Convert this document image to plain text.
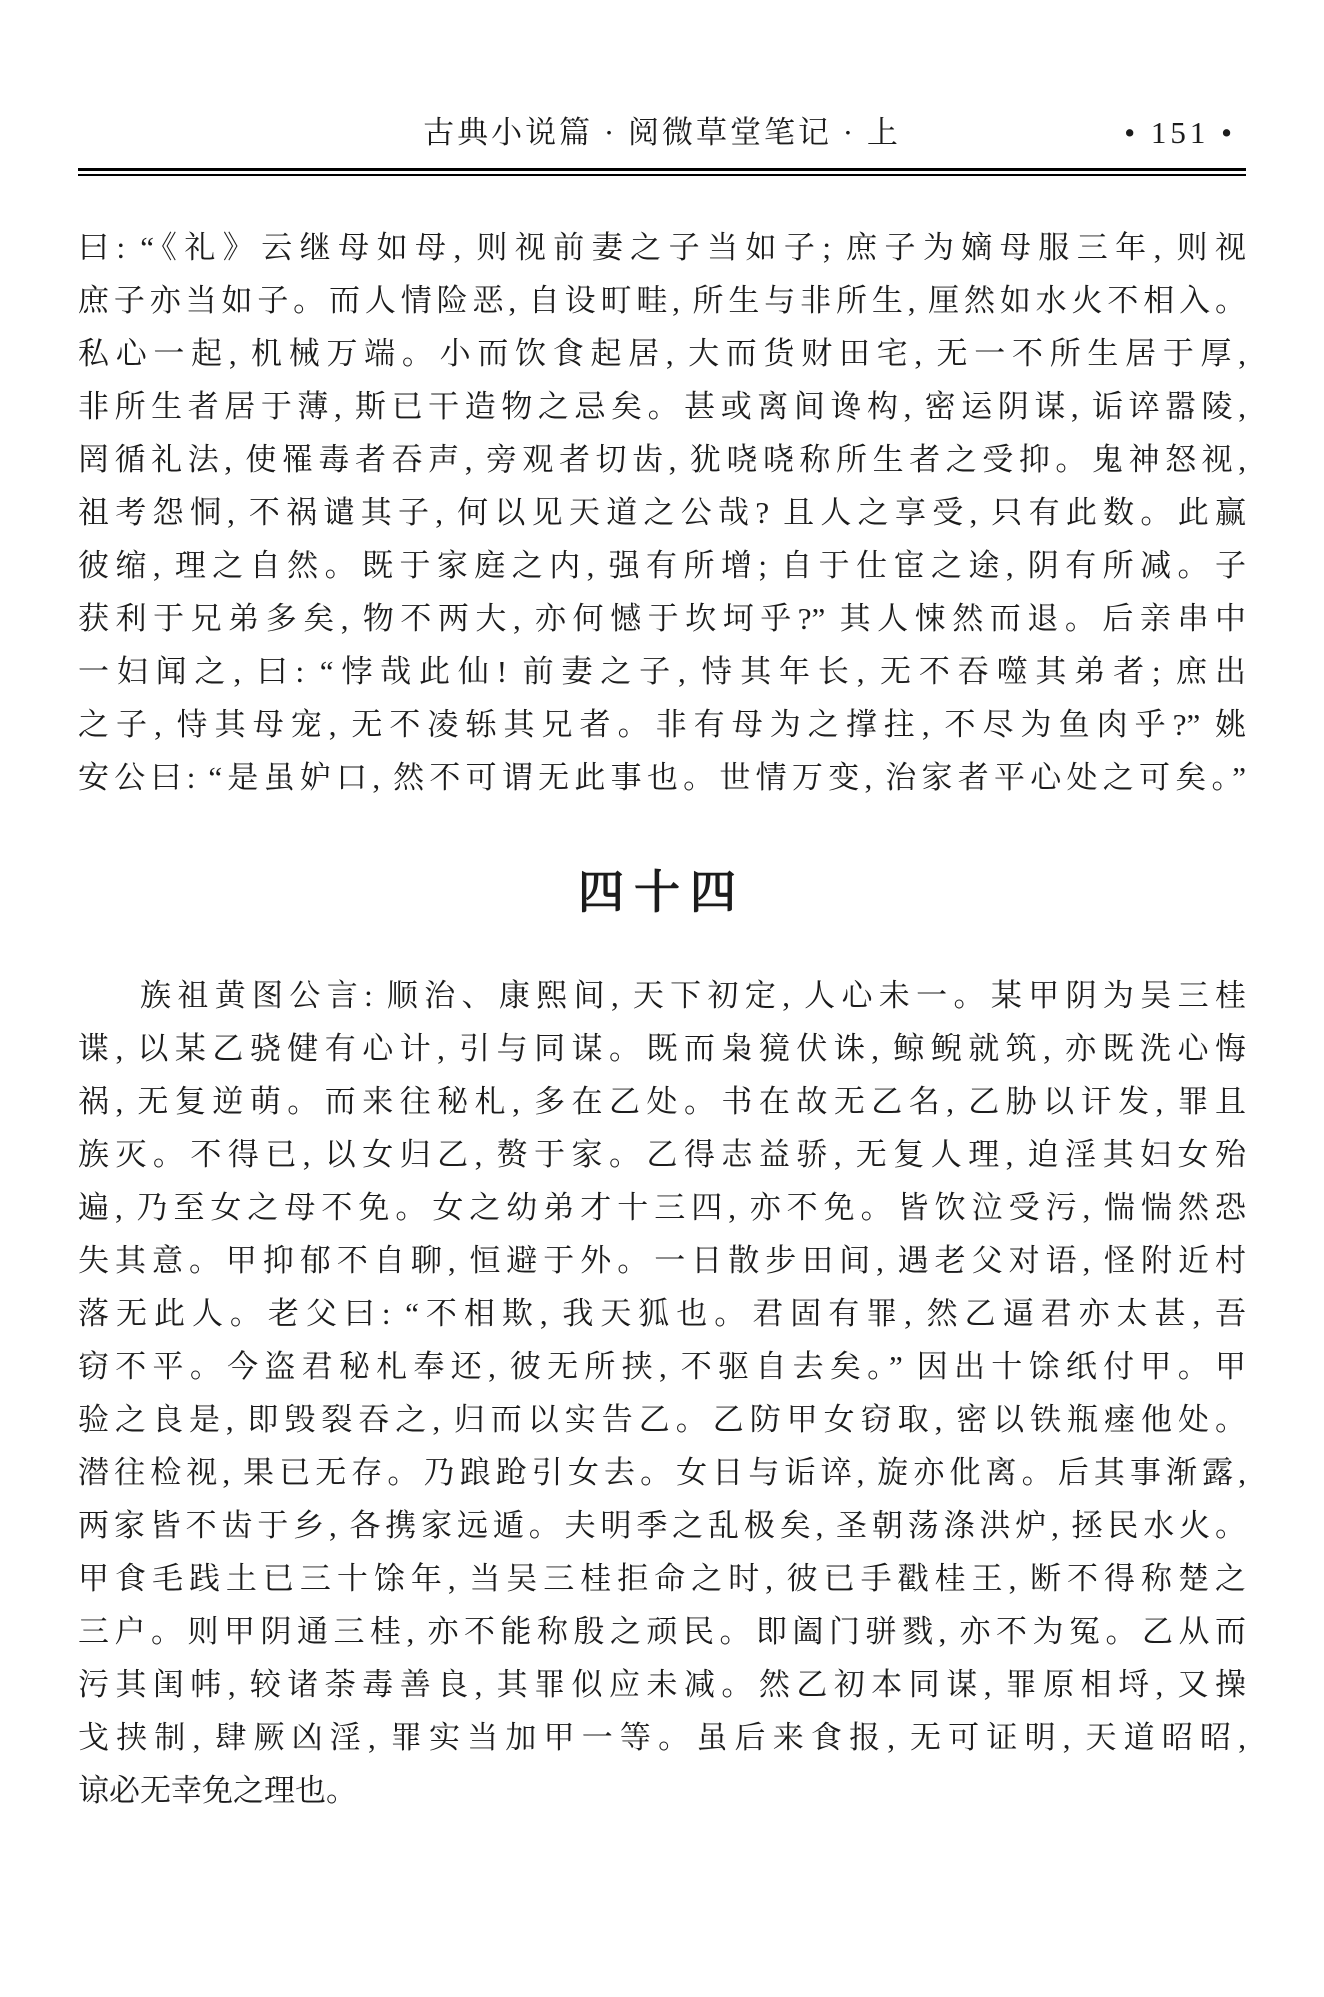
古典小说篇 · 阅微草堂笔记 · 上	• 151 •
曰: “《礼》云继母如母, 则视前妻之子当如子; 庶子为嫡母服三年, 则视
庶子亦当如子。而人情险恶, 自设町畦, 所生与非所生, 厘然如水火不相入。
私心一起, 机械万端。小而饮食起居, 大而货财田宅, 无一不所生居于厚,
非所生者居于薄, 斯已干造物之忌矣。甚或离间谗构, 密运阴谋, 诟谇嚣陵,
罔循礼法, 使罹毒者吞声, 旁观者切齿, 犹哓哓称所生者之受抑。鬼神怒视,
祖考怨恫, 不祸谴其子, 何以见天道之公哉? 且人之享受, 只有此数。此赢
彼缩, 理之自然。既于家庭之内, 强有所增; 自于仕宦之途, 阴有所减。子
获利于兄弟多矣, 物不两大, 亦何憾于坎坷乎?” 其人悚然而退。后亲串中
一妇闻之, 曰: “悖哉此仙! 前妻之子, 恃其年长, 无不吞噬其弟者; 庶出
之子, 恃其母宠, 无不凌轹其兄者。非有母为之撑拄, 不尽为鱼肉乎?” 姚
安公曰: “是虽妒口, 然不可谓无此事也。世情万变, 治家者平心处之可矣。”
四十四
族祖黄图公言: 顺治、康熙间, 天下初定, 人心未一。某甲阴为吴三桂
谍, 以某乙骁健有心计, 引与同谋。既而枭獍伏诛, 鲸鲵就筑, 亦既洗心悔
祸, 无复逆萌。而来往秘札, 多在乙处。书在故无乙名, 乙胁以讦发, 罪且
族灭。不得已, 以女归乙, 赘于家。乙得志益骄, 无复人理, 迫淫其妇女殆
遍, 乃至女之母不免。女之幼弟才十三四, 亦不免。皆饮泣受污, 惴惴然恐
失其意。甲抑郁不自聊, 恒避于外。一日散步田间, 遇老父对语, 怪附近村
落无此人。老父曰: “不相欺, 我天狐也。君固有罪, 然乙逼君亦太甚, 吾
窃不平。今盗君秘札奉还, 彼无所挟, 不驱自去矣。” 因出十馀纸付甲。甲
验之良是, 即毁裂吞之, 归而以实告乙。乙防甲女窃取, 密以铁瓶瘗他处。
潜往检视, 果已无存。乃踉跄引女去。女日与诟谇, 旋亦仳离。后其事渐露,
两家皆不齿于乡, 各携家远遁。夫明季之乱极矣, 圣朝荡涤洪炉, 拯民水火。
甲食毛践土已三十馀年, 当吴三桂拒命之时, 彼已手戳桂王, 断不得称楚之
三户。则甲阴通三桂, 亦不能称殷之顽民。即阖门骈戮, 亦不为冤。乙从而
污其闺帏, 较诸荼毒善良, 其罪似应未减。然乙初本同谋, 罪原相埒, 又操
戈挟制, 肆厥凶淫, 罪实当加甲一等。虽后来食报, 无可证明, 天道昭昭,
谅必无幸免之理也。
